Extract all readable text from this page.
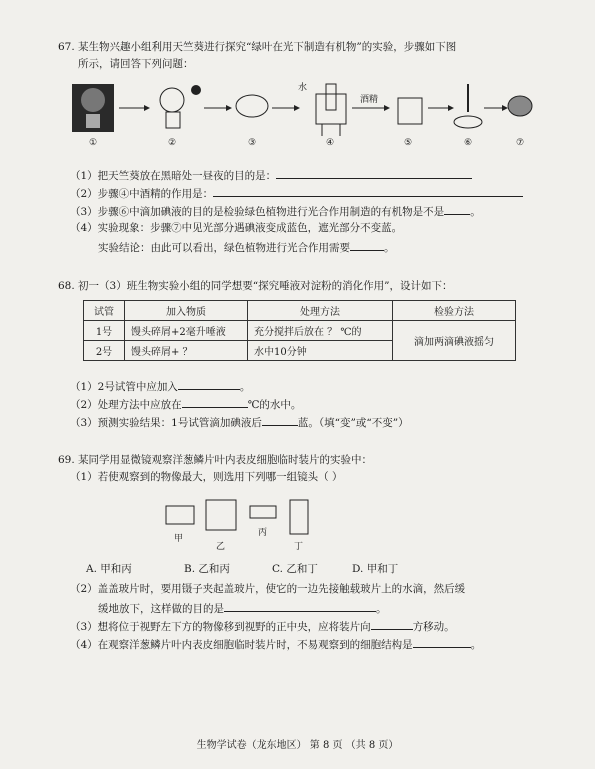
67. 某生物兴趣小组利用天竺葵进行探究“绿叶在光下制造有机物”的实验，步骤如下图
所示，请回答下列问题：
①	②	③	④	⑤	⑥	⑦
水
酒精
（1）把天竺葵放在黑暗处一昼夜的目的是：
（2）步骤④中酒精的作用是：
（3）步骤⑥中滴加碘液的目的是检验绿色植物进行光合作用制造的有机物是不是 。
（4）实验现象：步骤⑦中见光部分遇碘液变成蓝色，遮光部分不变蓝。
实验结论：由此可以看出，绿色植物进行光合作用需要	。
68. 初一（3）班生物实验小组的同学想要“探究唾液对淀粉的消化作用”，设计如下：
试管	加入物质	处理方法	检验方法
1号	馒头碎屑+2毫升唾液	充分搅拌后放在 ？ ℃的	滴加两滴碘液摇匀
2号	馒头碎屑+ ？	水中10分钟	
（1）2号试管中应加入	。
（2）处理方法中应放在	℃的水中。
（3）预测实验结果：1号试管滴加碘液后	蓝。（填“变”或“不变”）
69. 某同学用显微镜观察洋葱鳞片叶内表皮细胞临时装片的实验中：
（1）若使观察到的物像最大，则选用下列哪一组镜头（ ）
甲
乙
丙
丁
A. 甲和丙	B. 乙和丙	C. 乙和丁	D. 甲和丁
（2）盖盖玻片时，要用镊子夹起盖玻片，使它的一边先接触载玻片上的水滴，然后缓
缓地放下，这样做的目的是	。
（3）想将位于视野左下方的物像移到视野的正中央，应将装片向	方移动。
（4）在观察洋葱鳞片叶内表皮细胞临时装片时，不易观察到的细胞结构是	。
生物学试卷（龙东地区） 第 8 页 （共 8 页）
